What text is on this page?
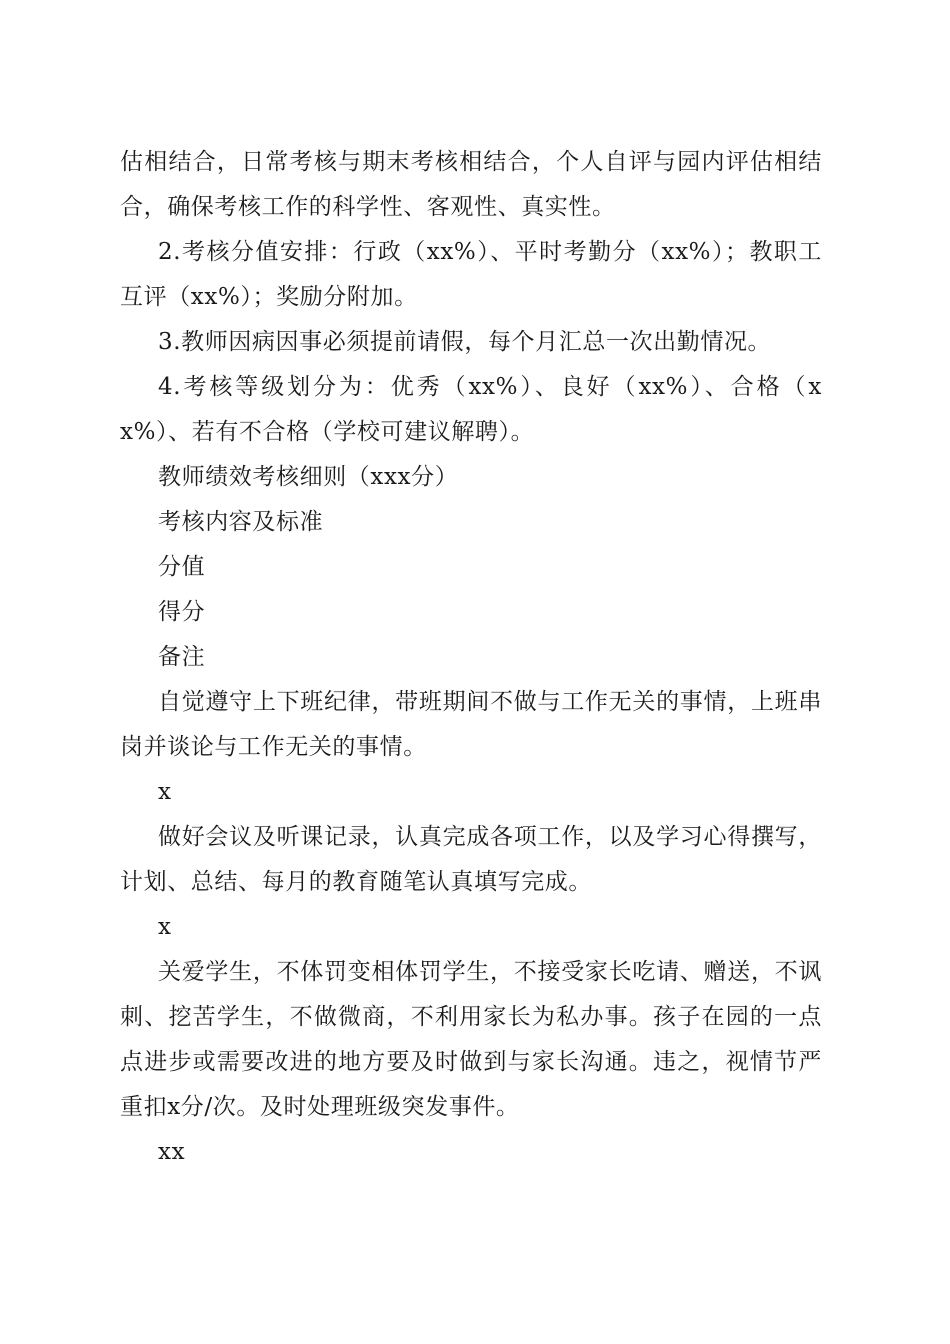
估相结合，日常考核与期末考核相结合，个人自评与园内评估相结合，确保考核工作的科学性、客观性、真实性。

2.考核分值安排：行政（xx%）、平时考勤分（xx%）；教职工互评（xx%）；奖励分附加。

3.教师因病因事必须提前请假，每个月汇总一次出勤情况。

4.考核等级划分为：优秀（xx%）、良好（xx%）、合格（xx%）、若有不合格（学校可建议解聘）。

教师绩效考核细则（xxx分）

考核内容及标准

分值

得分

备注

自觉遵守上下班纪律，带班期间不做与工作无关的事情，上班串岗并谈论与工作无关的事情。

x

做好会议及听课记录，认真完成各项工作，以及学习心得撰写，计划、总结、每月的教育随笔认真填写完成。

x

关爱学生，不体罚变相体罚学生，不接受家长吃请、赠送，不讽刺、挖苦学生，不做微商，不利用家长为私办事。孩子在园的一点点进步或需要改进的地方要及时做到与家长沟通。违之，视情节严重扣x分/次。及时处理班级突发事件。

xx
